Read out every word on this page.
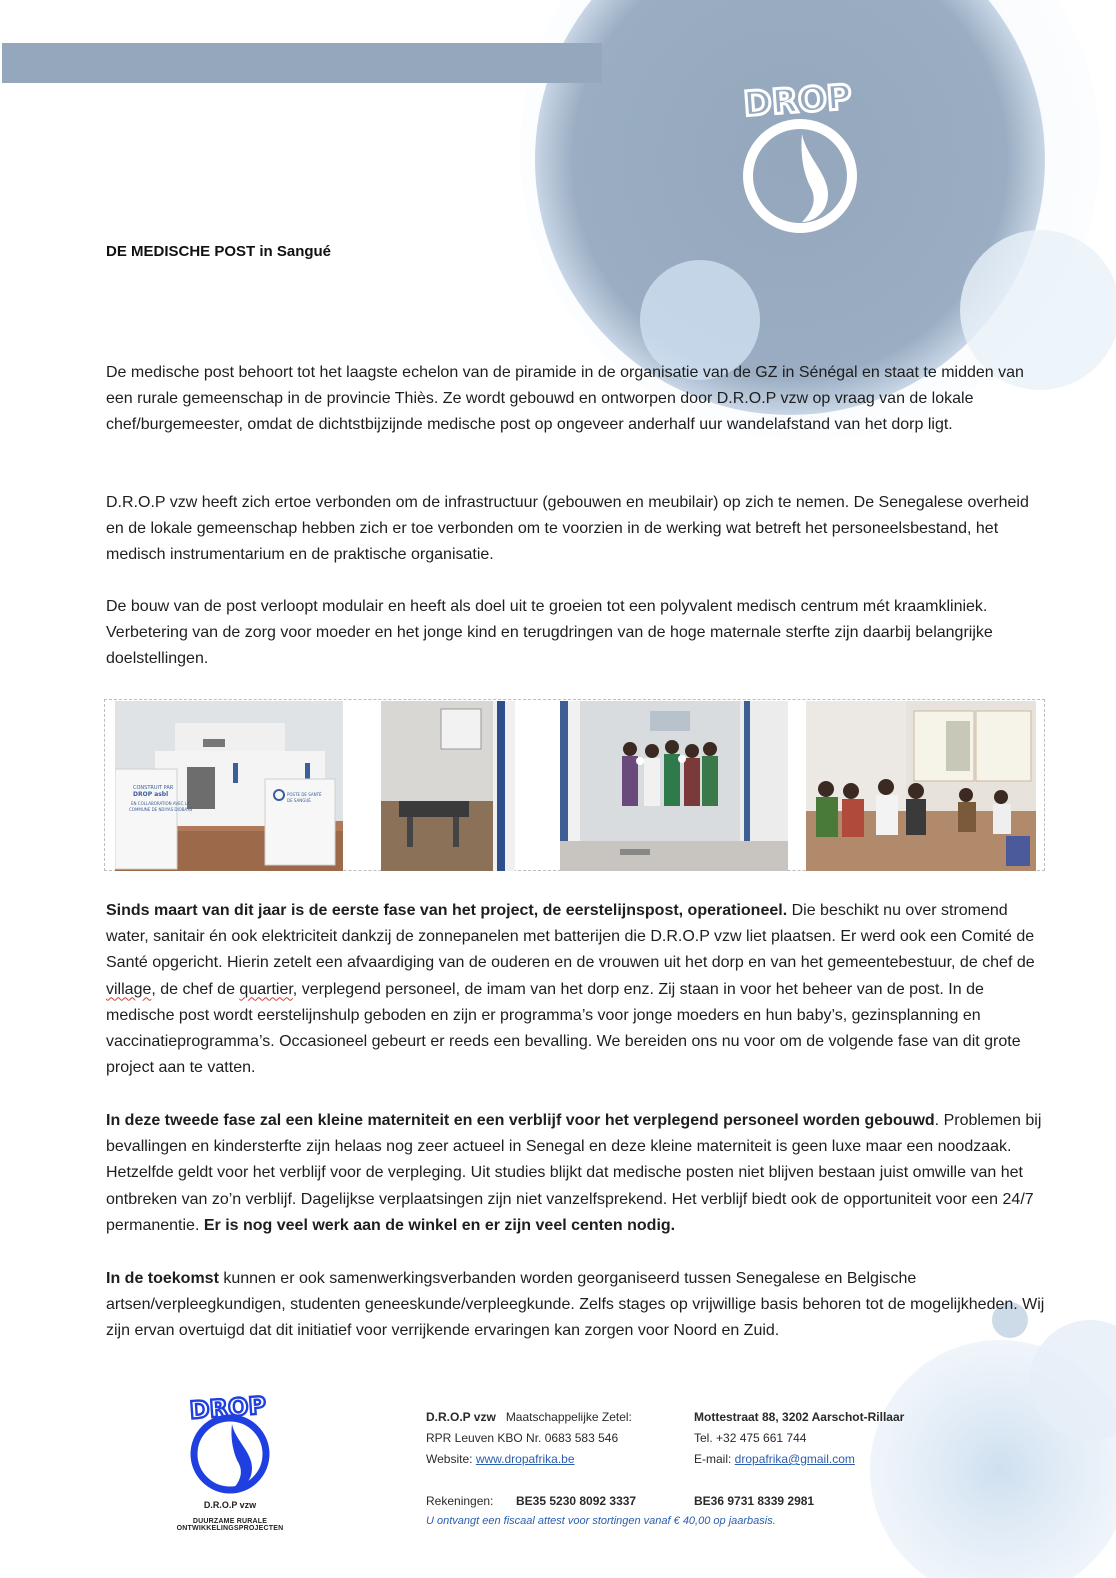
DROP
DE MEDISCHE POST in Sangué

De medische post behoort tot het laagste echelon van de piramide in de organisatie van de GZ in Sénégal en staat te midden van een rurale gemeenschap in de provincie Thiès. Ze wordt gebouwd en ontworpen door D.R.O.P vzw op vraag van de lokale chef/burgemeester, omdat de dichtstbijzijnde medische post op ongeveer anderhalf uur wandelafstand van het dorp ligt.

D.R.O.P vzw heeft zich ertoe verbonden om de infrastructuur (gebouwen en meubilair) op zich te nemen. De Senegalese overheid en de lokale gemeenschap hebben zich er toe verbonden om te voorzien in de werking wat betreft het personeelsbestand, het medisch instrumentarium en de praktische organisatie.

De bouw van de post verloopt modulair en heeft als doel uit te groeien tot een polyvalent medisch centrum mét kraamkliniek. Verbetering van de zorg voor moeder en het jonge kind en terugdringen van de hoge maternale sterfte zijn daarbij belangrijke doelstellingen.

CONSTRUIT PAR
DROP asbl
EN COLLABORATION AVEC LA
COMMUNE DE NDIYAS DIOBASS
POSTE DE SANTÉ
DE SANGUÉ

Sinds maart van dit jaar is de eerste fase van het project, de eerstelijnspost, operationeel. Die beschikt nu over stromend water, sanitair én ook elektriciteit dankzij de zonnepanelen met batterijen die D.R.O.P vzw liet plaatsen. Er werd ook een Comité de Santé opgericht. Hierin zetelt een afvaardiging van de ouderen en de vrouwen uit het dorp en van het gemeentebestuur, de chef de village, de chef de quartier, verplegend personeel, de imam van het dorp enz. Zij staan in voor het beheer van de post. In de medische post wordt eerstelijnshulp geboden en zijn er programma’s voor jonge moeders en hun baby’s, gezinsplanning en vaccinatieprogramma’s. Occasioneel gebeurt er reeds een bevalling. We bereiden ons nu voor om de volgende fase van dit grote project aan te vatten.

In deze tweede fase zal een kleine materniteit en een verblijf voor het verplegend personeel worden gebouwd. Problemen bij bevallingen en kindersterfte zijn helaas nog zeer actueel in Senegal en deze kleine materniteit is geen luxe maar een noodzaak. Hetzelfde geldt voor het verblijf voor de verpleging. Uit studies blijkt dat medische posten niet blijven bestaan juist omwille van het ontbreken van zo’n verblijf. Dagelijkse verplaatsingen zijn niet vanzelfsprekend. Het verblijf biedt ook de opportuniteit voor een 24/7 permanentie. Er is nog veel werk aan de winkel en er zijn veel centen nodig.

In de toekomst kunnen er ook samenwerkingsverbanden worden georganiseerd tussen Senegalese en Belgische artsen/verpleegkundigen, studenten geneeskunde/verpleegkunde. Zelfs stages op vrijwillige basis behoren tot de mogelijkheden. Wij zijn ervan overtuigd dat dit initiatief voor verrijkende ervaringen kan zorgen voor Noord en Zuid.

DROP
D.R.O.P vzw
DUURZAME RURALE ONTWIKKELINGSPROJECTEN
D.R.O.P vzw Maatschappelijke Zetel:
RPR Leuven KBO Nr. 0683 583 546
Website: www.dropafrika.be
Mottestraat 88, 3202 Aarschot-Rillaar
Tel. +32 475 661 744
E-mail: dropafrika@gmail.com
Rekeningen: BE35 5230 8092 3337	BE36 9731 8339 2981
U ontvangt een fiscaal attest voor stortingen vanaf € 40,00 op jaarbasis.
